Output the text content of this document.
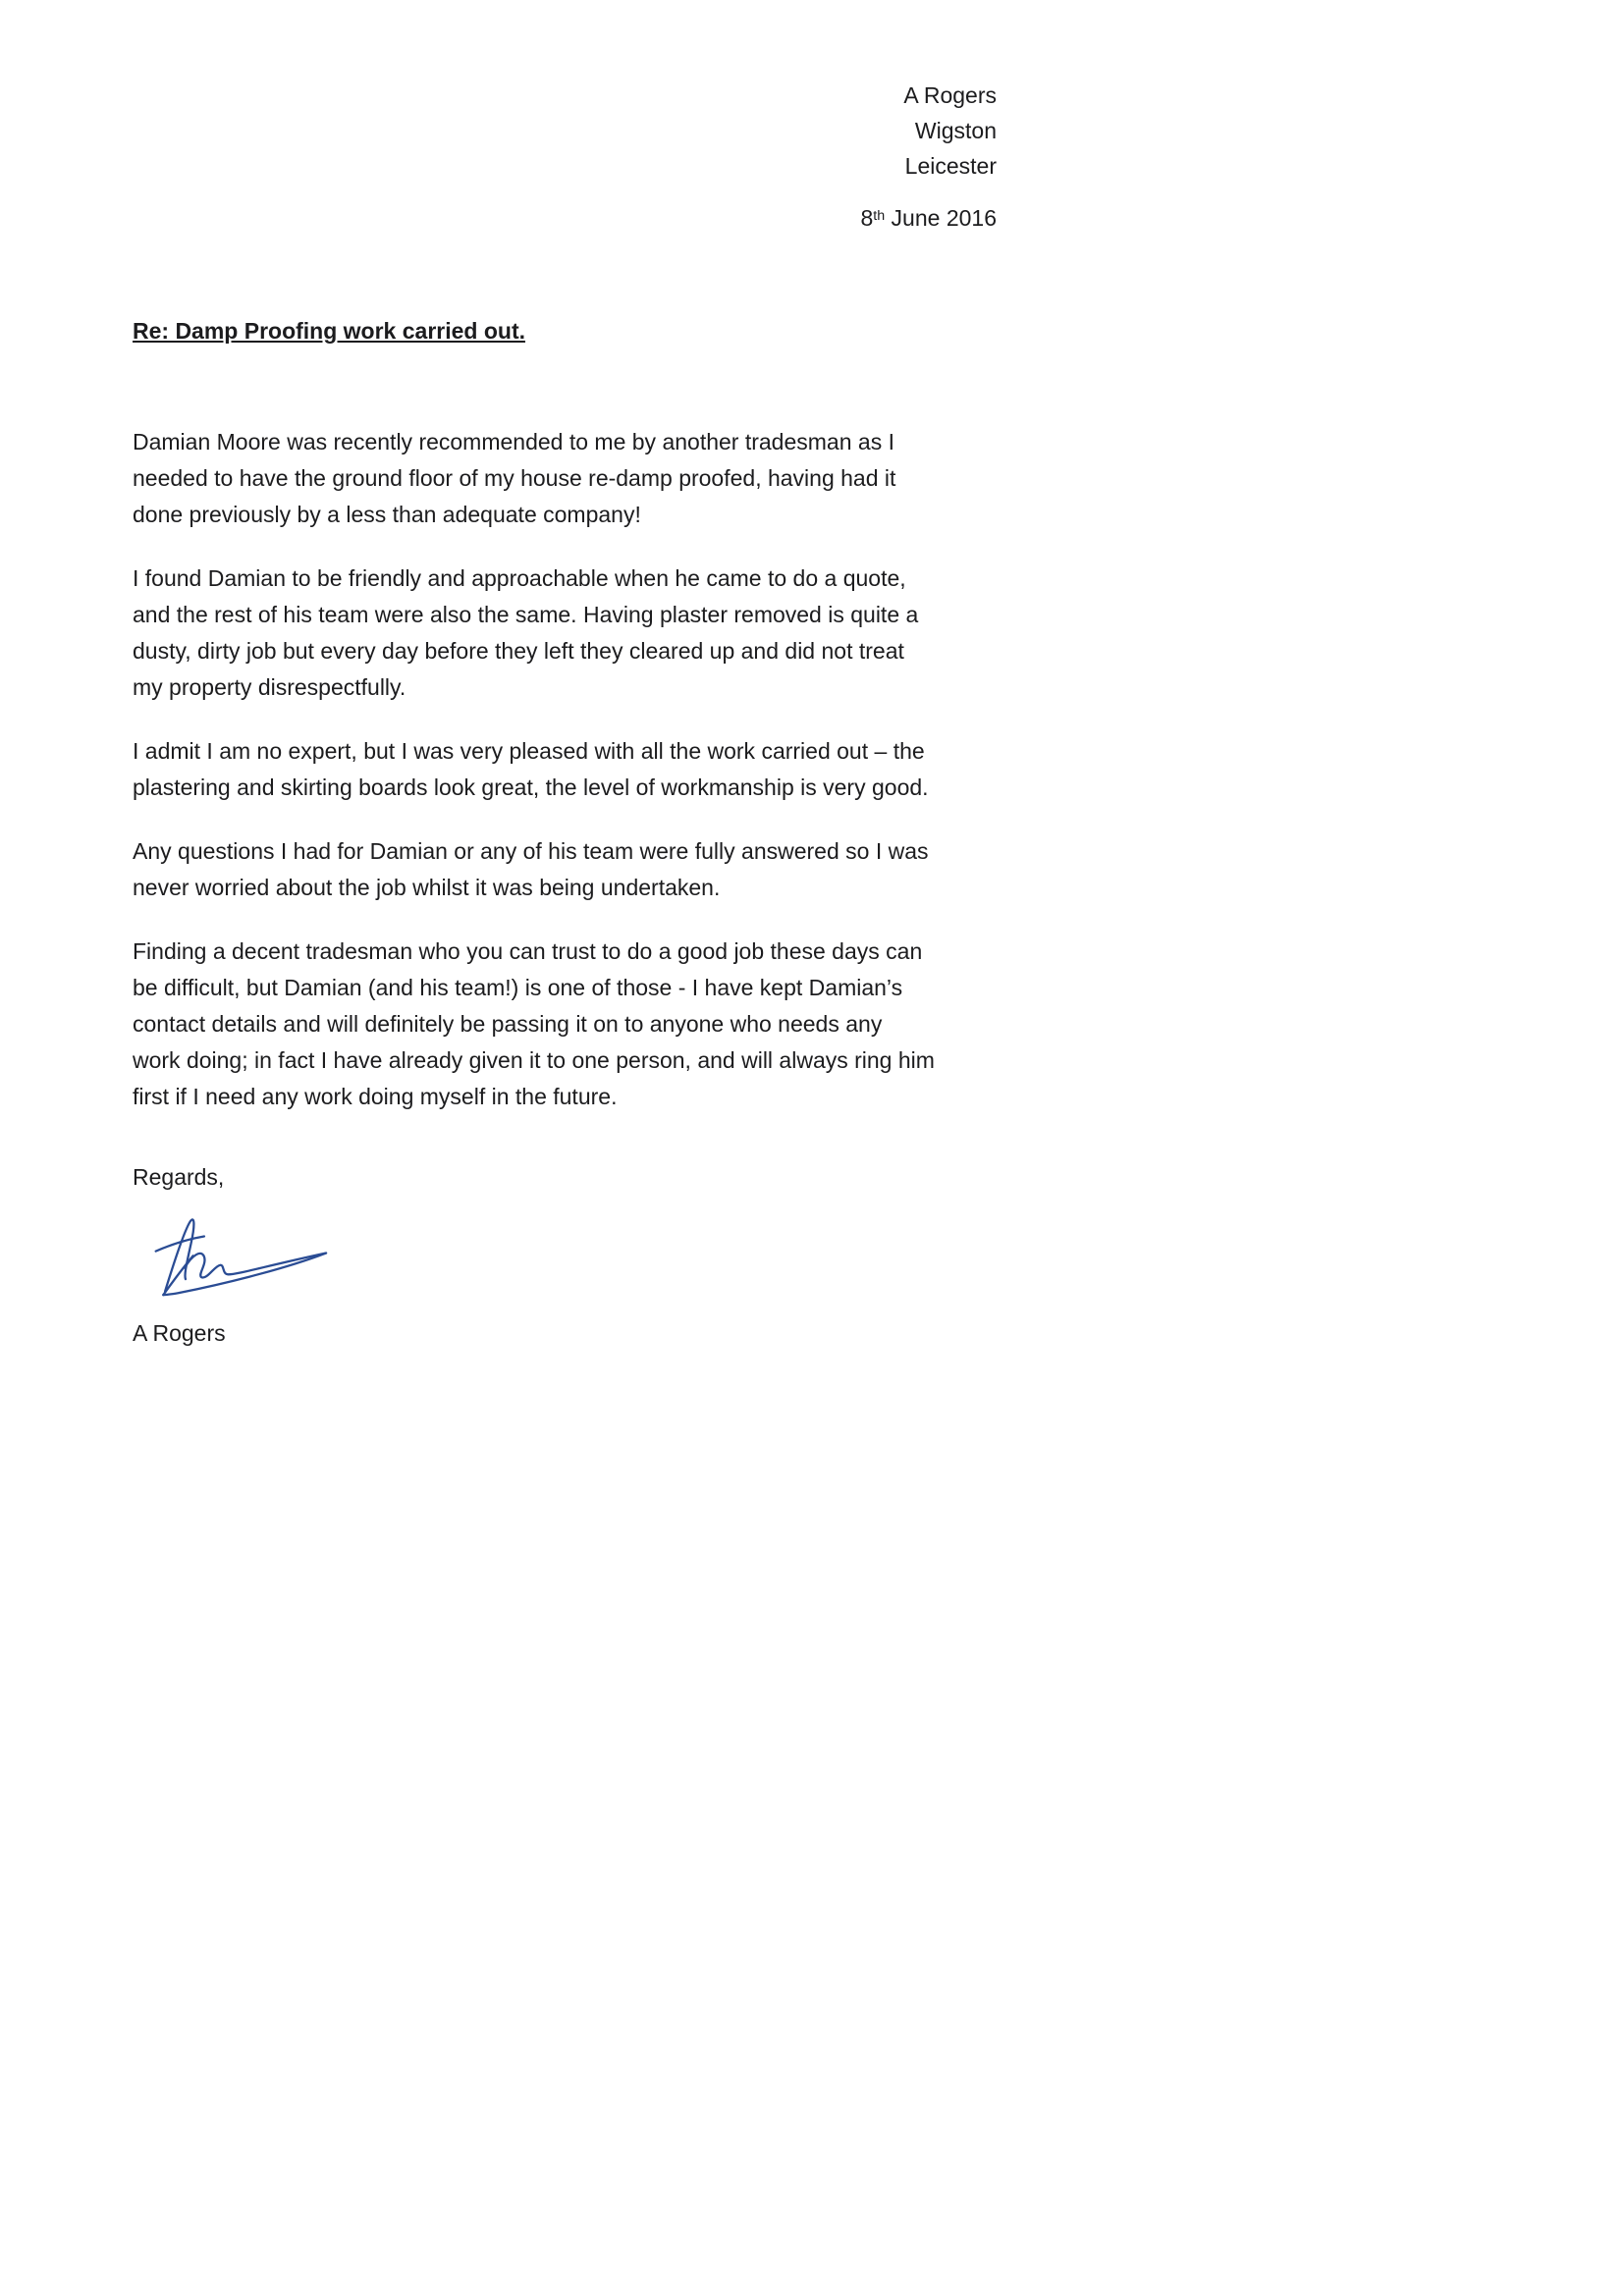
A Rogers
Wigston
Leicester
8th June 2016
Re: Damp Proofing work carried out.

Damian Moore was recently recommended to me by another tradesman as I
needed to have the ground floor of my house re-damp proofed, having had it
done previously by a less than adequate company!

I found Damian to be friendly and approachable when he came to do a quote,
and the rest of his team were also the same. Having plaster removed is quite a
dusty, dirty job but every day before they left they cleared up and did not treat
my property disrespectfully.

I admit I am no expert, but I was very pleased with all the work carried out – the
plastering and skirting boards look great, the level of workmanship is very good.

Any questions I had for Damian or any of his team were fully answered so I was
never worried about the job whilst it was being undertaken.

Finding a decent tradesman who you can trust to do a good job these days can
be difficult, but Damian (and his team!) is one of those - I have kept Damian’s
contact details and will definitely be passing it on to anyone who needs any
work doing; in fact I have already given it to one person, and will always ring him
first if I need any work doing myself in the future.

Regards,
A Rogers
